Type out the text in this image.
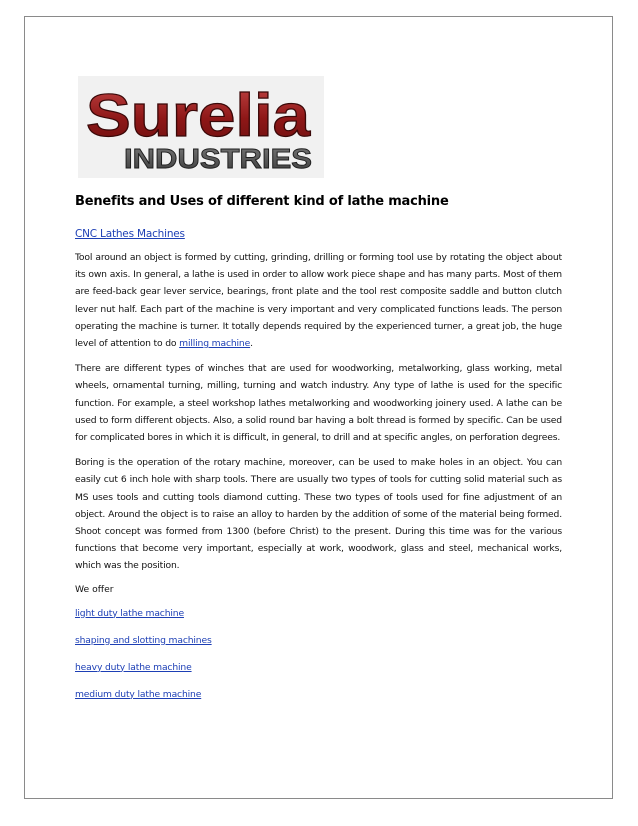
Surelia
INDUSTRIES
Benefits and Uses of different kind of lathe machine
CNC Lathes Machines

Tool around an object is formed by cutting, grinding, drilling or forming tool use by rotating the object about its own axis. In general, a lathe is used in order to allow work piece shape and has many parts. Most of them are feed-back gear lever service, bearings, front plate and the tool rest composite saddle and button clutch lever nut half. Each part of the machine is very important and very complicated functions leads. The person operating the machine is turner. It totally depends required by the experienced turner, a great job, the huge level of attention to do milling machine.

There are different types of winches that are used for woodworking, metalworking, glass working, metal wheels, ornamental turning, milling, turning and watch industry. Any type of lathe is used for the specific function. For example, a steel workshop lathes metalworking and woodworking joinery used. A lathe can be used to form different objects. Also, a solid round bar having a bolt thread is formed by specific. Can be used for complicated bores in which it is difficult, in general, to drill and at specific angles, on perforation degrees.

Boring is the operation of the rotary machine, moreover, can be used to make holes in an object. You can easily cut 6 inch hole with sharp tools. There are usually two types of tools for cutting solid material such as MS uses tools and cutting tools diamond cutting. These two types of tools used for fine adjustment of an object. Around the object is to raise an alloy to harden by the addition of some of the material being formed. Shoot concept was formed from 1300 (before Christ) to the present. During this time was for the various functions that become very important, especially at work, woodwork, glass and steel, mechanical works, which was the position.

We offer
light duty lathe machine
shaping and slotting machines
heavy duty lathe machine
medium duty lathe machine
